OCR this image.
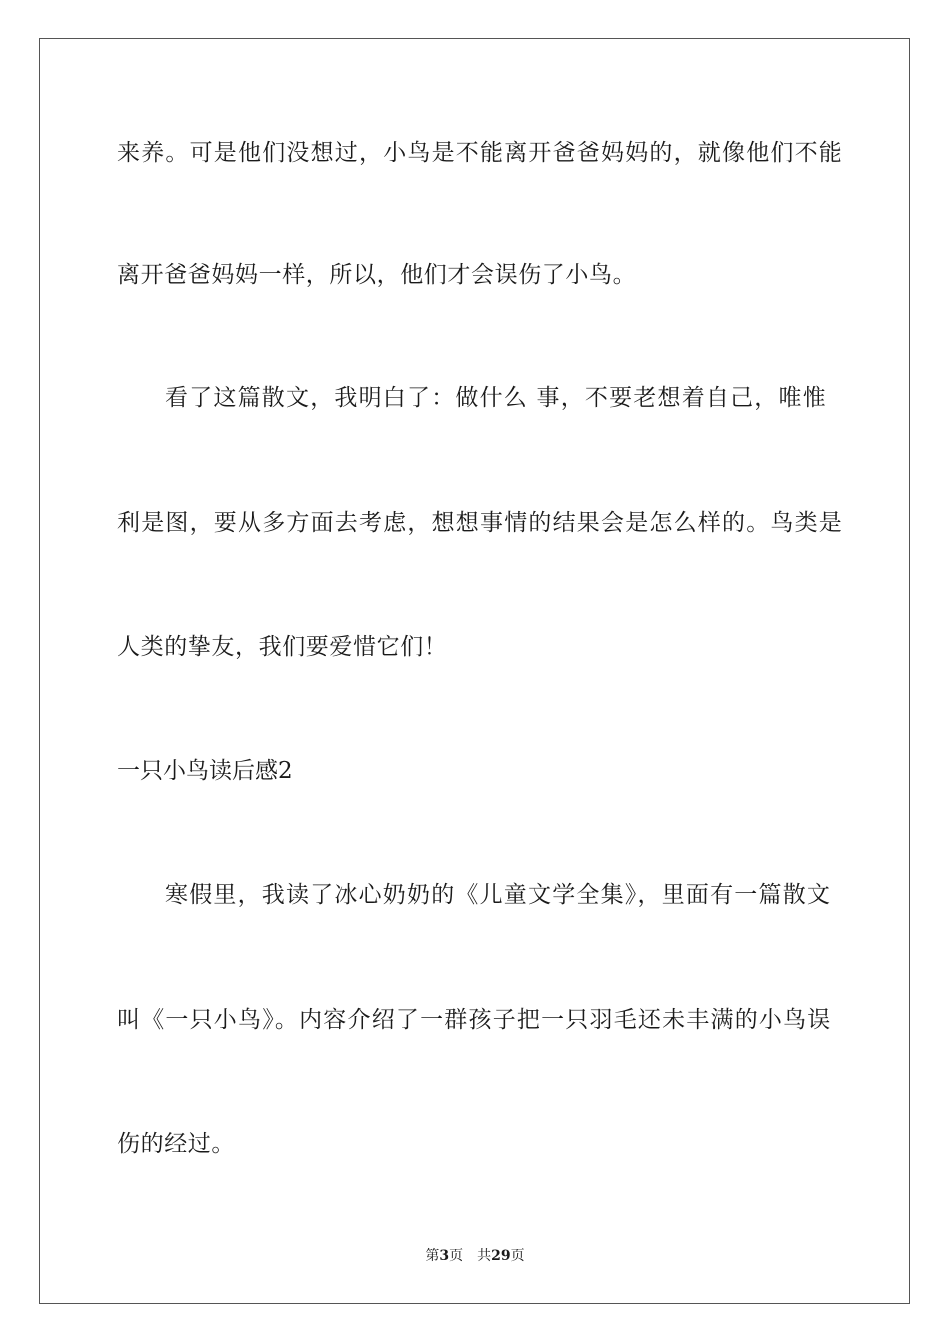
来养。可是他们没想过，小鸟是不能离开爸爸妈妈的，就像他们不能
离开爸爸妈妈一样，所以，他们才会误伤了小鸟。
看了这篇散文，我明白了：做什么 事，不要老想着自己，唯惟
利是图，要从多方面去考虑，想想事情的结果会是怎么样的。鸟类是
人类的挚友，我们要爱惜它们！
一只小鸟读后感2
寒假里，我读了冰心奶奶的《儿童文学全集》，里面有一篇散文
叫《一只小鸟》。内容介绍了一群孩子把一只羽毛还未丰满的小鸟误
伤的经过。
第3页 共29页
